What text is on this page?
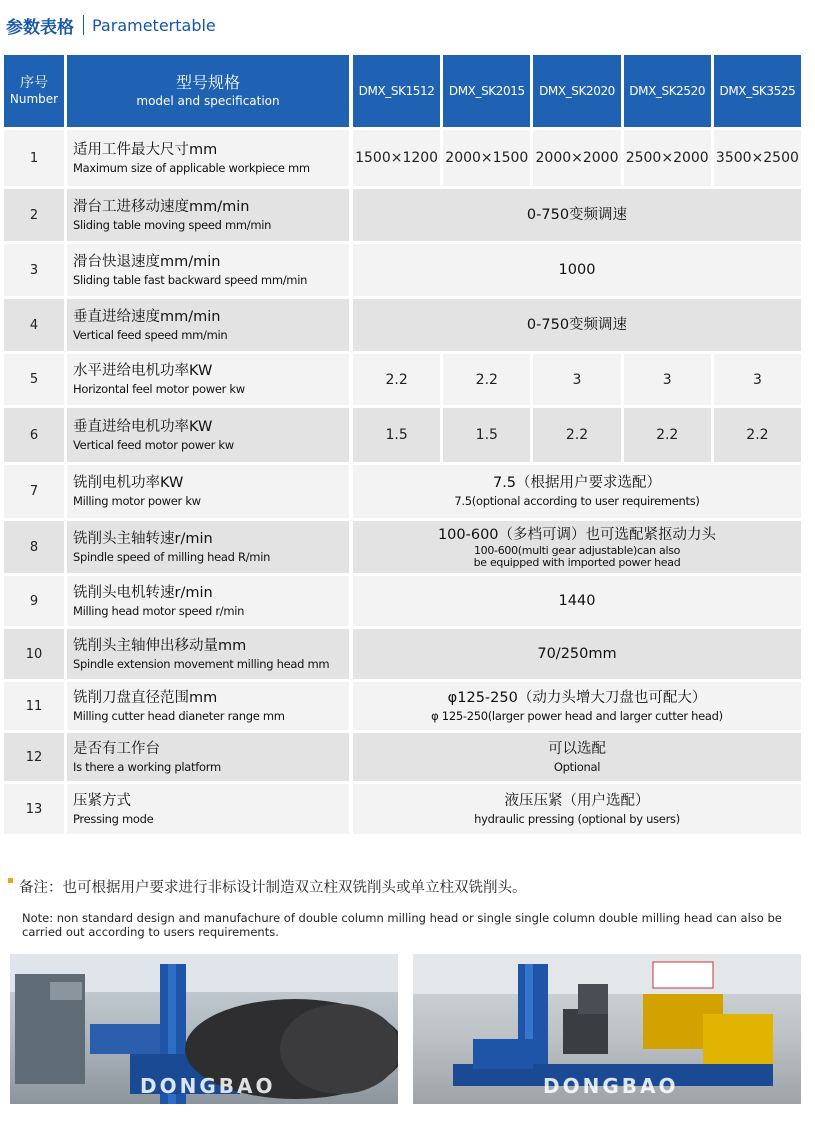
参数表格 Parametertable
序号
Number
型号规格
model and specification
DMX_SK1512	DMX_SK2015	DMX_SK2020	DMX_SK2520	DMX_SK3525
1
适用工件最大尺寸mm
Maximum size of applicable workpiece mm
1500×1200 2000×1500 2000×2000 2500×2000 3500×2500
2
滑台工进移动速度mm/min
Sliding table moving speed mm/min
0-750变频调速
3
滑台快退速度mm/min
Sliding table fast backward speed mm/min
1000
4
垂直进给速度mm/min
Vertical feed speed mm/min
0-750变频调速
5
水平进给电机功率KW
Horizontal feel motor power kw
2.2	2.2	3	3	3
6
垂直进给电机功率KW
Vertical feed motor power kw
1.5	1.5	2.2	2.2	2.2
7
铣削电机功率KW
Milling motor power kw
7.5（根据用户要求选配）
7.5(optional according to user requirements)
8
铣削头主轴转速r/min
Spindle speed of milling head R/min
100-600（多档可调）也可选配紧抠动力头
100-600(multi gear adjustable)can also
be equipped with imported power head
9
铣削头电机转速r/min
Milling head motor speed r/min
1440
10
铣削头主轴伸出移动量mm
Spindle extension movement milling head mm
70/250mm
11
铣削刀盘直径范围mm
Milling cutter head dianeter range mm
φ125-250（动力头增大刀盘也可配大）
φ 125-250(larger power head and larger cutter head)
12
是否有工作台
Is there a working platform
可以选配
Optional
13
压紧方式
Pressing mode
液压压紧（用户选配）
hydraulic pressing (optional by users)
备注：也可根据用户要求进行非标设计制造双立柱双铣削头或单立柱双铣削头。
Note: non standard design and manufachure of double column milling head or single single column double milling head can also be carried out according to users requirements.
DONGBAO	DONGBAO
